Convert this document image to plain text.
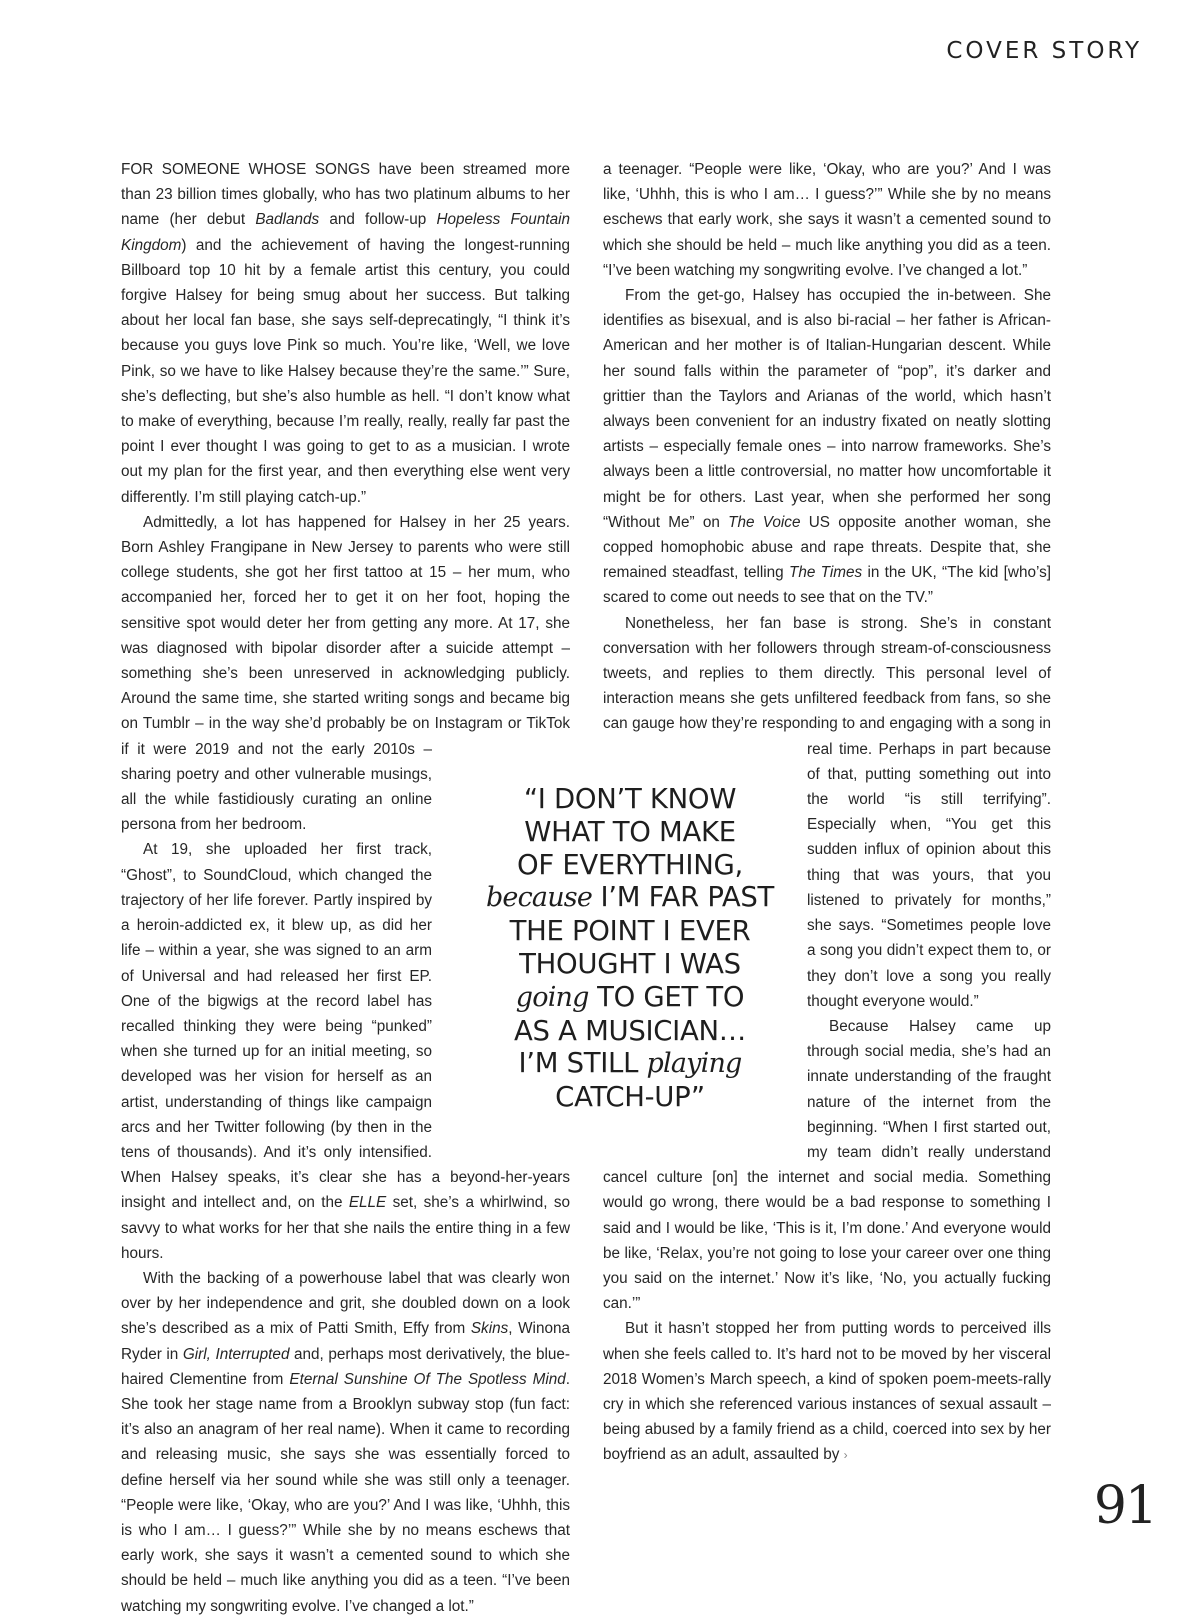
COVER STORY

FOR SOMEONE WHOSE SONGS have been streamed more than 23 billion times globally, who has two platinum albums to her name (her debut Badlands and follow-up Hopeless Fountain Kingdom) and the achievement of having the longest-running Billboard top 10 hit by a female artist this century, you could forgive Halsey for being smug about her success. But talking about her local fan base, she says self-deprecatingly, “I think it’s because you guys love Pink so much. You’re like, ‘Well, we love Pink, so we have to like Halsey because they’re the same.’” Sure, she’s deflecting, but she’s also humble as hell. “I don’t know what to make of everything, because I’m really, really, really far past the point I ever thought I was going to get to as a musician. I wrote out my plan for the first year, and then everything else went very differently. I’m still playing catch-up.”

Admittedly, a lot has happened for Halsey in her 25 years. Born Ashley Frangipane in New Jersey to parents who were still college students, she got her first tattoo at 15 – her mum, who accompanied her, forced her to get it on her foot, hoping the sensitive spot would deter her from getting any more. At 17, she was diagnosed with bipolar disorder after a suicide attempt – something she’s been unreserved in acknowledging publicly. Around the same time, she started writing songs and became big on Tumblr – in the way she’d probably be on Instagram or TikTok if it were 2019 and not the early 2010s – sharing poetry and other vulnerable musings, all the while fastidiously curating an online persona from her bedroom.

At 19, she uploaded her first track, “Ghost”, to SoundCloud, which changed the trajectory of her life forever. Partly inspired by a heroin-addicted ex, it blew up, as did her life – within a year, she was signed to an arm of Universal and had released her first EP. One of the bigwigs at the record label has recalled thinking they were being “punked” when she turned up for an initial meeting, so developed was her vision for herself as an artist, understanding of things like campaign arcs and her Twitter following (by then in the tens of thousands). And it’s only intensified. When Halsey speaks, it’s clear she has a beyond-her-years insight and intellect and, on the ELLE set, she’s a whirlwind, so savvy to what works for her that she nails the entire thing in a few hours.

With the backing of a powerhouse label that was clearly won over by her independence and grit, she doubled down on a look she’s described as a mix of Patti Smith, Effy from Skins, Winona Ryder in Girl, Interrupted and, perhaps most derivatively, the blue-haired Clementine from Eternal Sunshine Of The Spotless Mind. She took her stage name from a Brooklyn subway stop (fun fact: it’s also an anagram of her real name). When it came to recording and releasing music, she says she was essentially forced to define herself via her sound while she was still only a teenager. “People were like, ‘Okay, who are you?’ And I was like, ‘Uhhh, this is who I am… I guess?’” While she by no means eschews that early work, she says it wasn’t a cemented sound to which she should be held – much like anything you did as a teen. “I’ve been watching my songwriting evolve. I’ve changed a lot.”

a teenager. “People were like, ‘Okay, who are you?’ And I was like, ‘Uhhh, this is who I am… I guess?’” While she by no means eschews that early work, she says it wasn’t a cemented sound to which she should be held – much like anything you did as a teen. “I’ve been watching my songwriting evolve. I’ve changed a lot.”

From the get-go, Halsey has occupied the in-between. She identifies as bisexual, and is also bi-racial – her father is African-American and her mother is of Italian-Hungarian descent. While her sound falls within the parameter of “pop”, it’s darker and grittier than the Taylors and Arianas of the world, which hasn’t always been convenient for an industry fixated on neatly slotting artists – especially female ones – into narrow frameworks. She’s always been a little controversial, no matter how uncomfortable it might be for others. Last year, when she performed her song “Without Me” on The Voice US opposite another woman, she copped homophobic abuse and rape threats. Despite that, she remained steadfast, telling The Times in the UK, “The kid [who’s] scared to come out needs to see that on the TV.”

Nonetheless, her fan base is strong. She’s in constant conversation with her followers through stream-of-consciousness tweets, and replies to them directly. This personal level of interaction means she gets unfiltered feedback from fans, so she can gauge how they’re responding to and engaging with a song in real time. Perhaps in part because of that, putting something out into the world “is still terrifying”. Especially when, “You get this sudden influx of opinion about this thing that was yours, that you listened to privately for months,” she says. “Sometimes people love a song you didn’t expect them to, or they don’t love a song you really thought everyone would.”

Because Halsey came up through social media, she’s had an innate understanding of the fraught nature of the internet from the beginning. “When I first started out, my team didn’t really understand cancel culture [on] the internet and social media. Something would go wrong, there would be a bad response to something I said and I would be like, ‘This is it, I’m done.’ And everyone would be like, ‘Relax, you’re not going to lose your career over one thing you said on the internet.’ Now it’s like, ‘No, you actually fucking can.’”

But it hasn’t stopped her from putting words to perceived ills when she feels called to. It’s hard not to be moved by her visceral 2018 Women’s March speech, a kind of spoken poem-meets-rally cry in which she referenced various instances of sexual assault – being abused by a family friend as a child, coerced into sex by her boyfriend as an adult, assaulted by ›

“I DON’T KNOW
WHAT TO MAKE
OF EVERYTHING,
because I’M FAR PAST
THE POINT I EVER
THOUGHT I WAS
going TO GET TO
AS A MUSICIAN…
I’M STILL playing
CATCH-UP”
91
